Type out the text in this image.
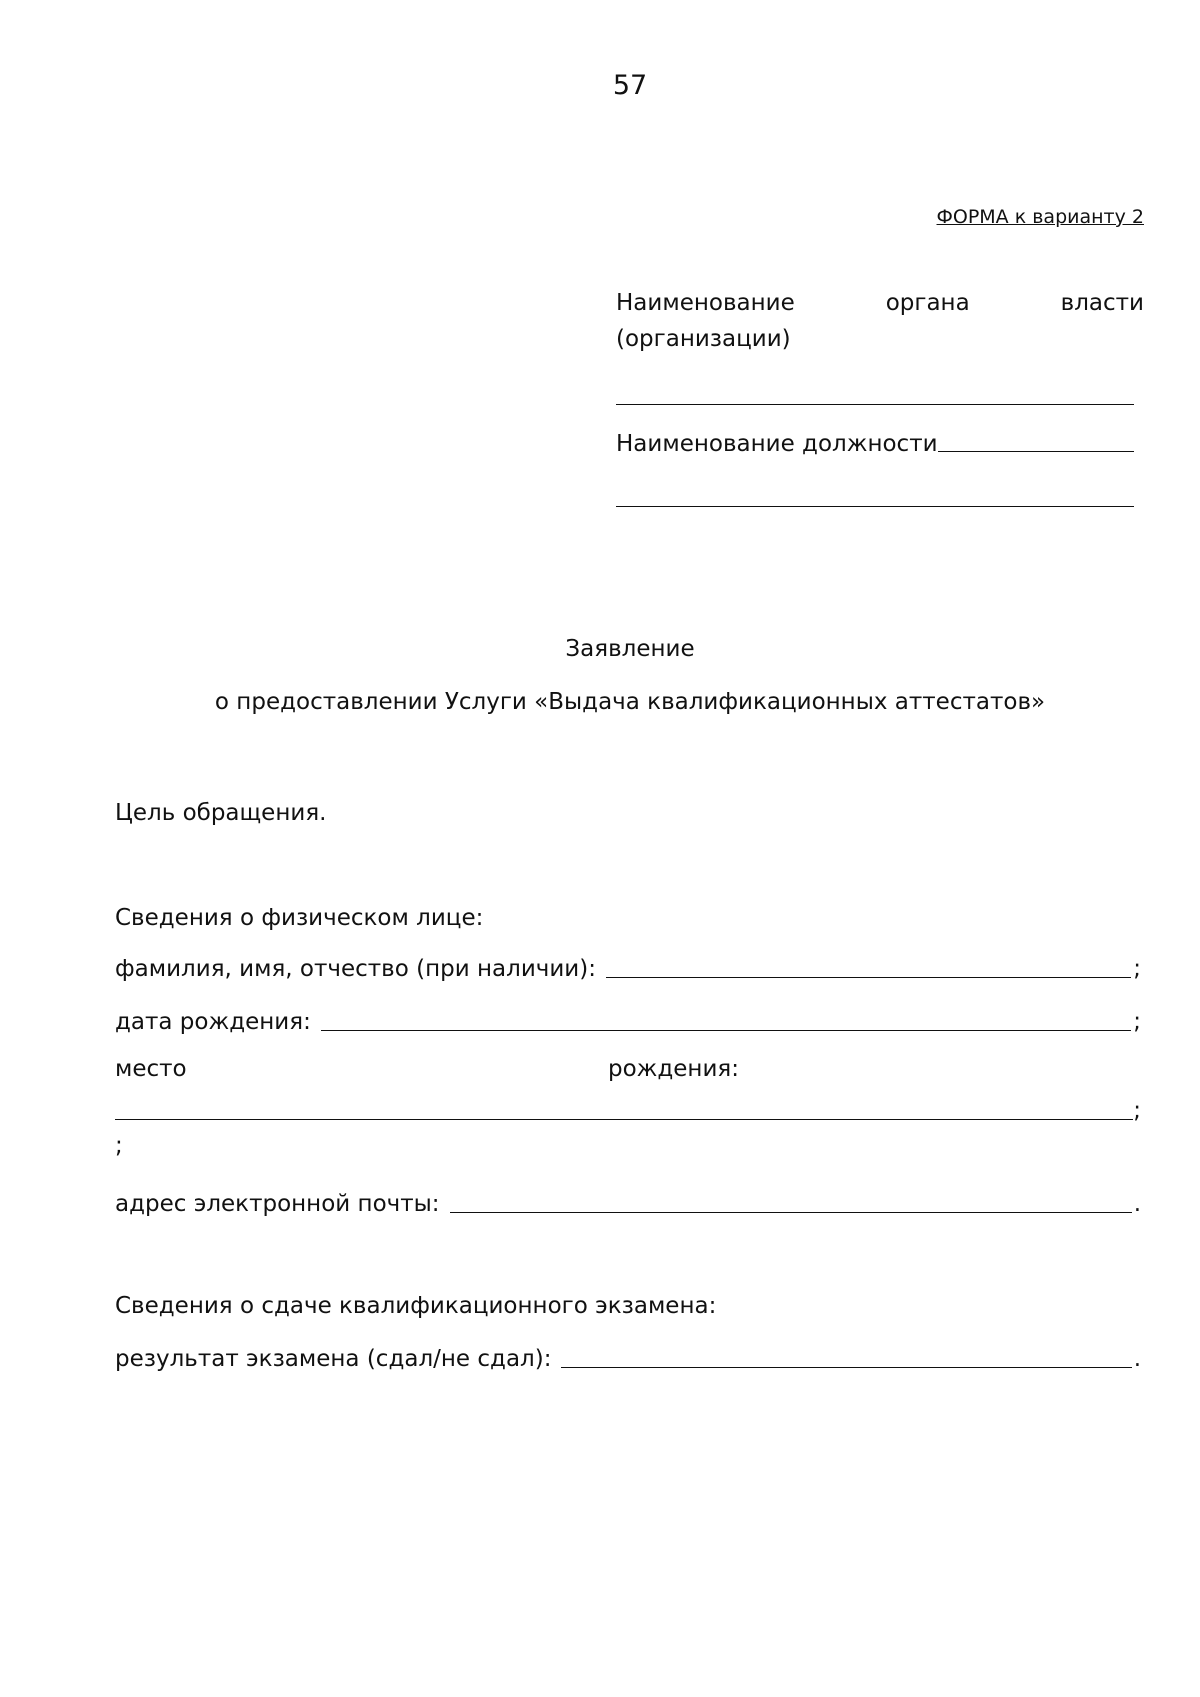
57
ФОРМА к варианту 2
Наименование	органа	власти
(организации)
Наименование должности
Заявление
о предоставлении Услуги «Выдача квалификационных аттестатов»
Цель обращения.
Сведения о физическом лице:
фамилия, имя, отчество (при наличии):	;
дата рождения:	;
место	рождения:
;
;
адрес электронной почты:	.
Сведения о сдаче квалификационного экзамена:
результат экзамена (сдал/не сдал):	.
